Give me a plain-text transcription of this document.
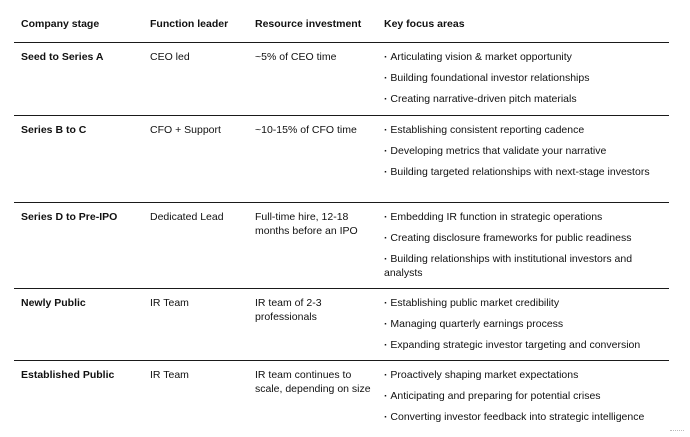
Company stage	Function leader	Resource investment	Key focus areas
Seed to Series A	CEO led	~5% of CEO time	· Articulating vision & market opportunity
· Building foundational investor relationships
· Creating narrative-driven pitch materials
Series B to C	CFO + Support	~10-15% of CFO time	· Establishing consistent reporting cadence
· Developing metrics that validate your narrative
· Building targeted relationships with next-stage investors
Series D to Pre-IPO	Dedicated Lead	Full-time hire, 12-18 months before an IPO
· Embedding IR function in strategic operations
· Creating disclosure frameworks for public readiness
· Building relationships with institutional investors and analysts
Newly Public	IR Team	IR team of 2-3 professionals
· Establishing public market credibility
· Managing quarterly earnings process
· Expanding strategic investor targeting and conversion
Established Public	IR Team	IR team continues to scale, depending on size
· Proactively shaping market expectations
· Anticipating and preparing for potential crises
· Converting investor feedback into strategic intelligence
